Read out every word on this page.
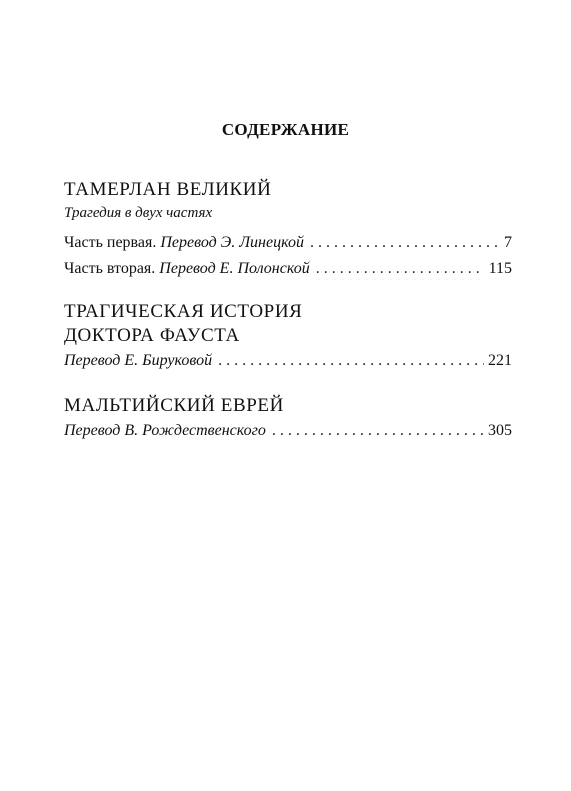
СОДЕРЖАНИЕ
ТАМЕРЛАН ВЕЛИКИЙ
Трагедия в двух частях
Часть первая. Перевод Э. Линецкой . . .	7
Часть вторая. Перевод Е. Полонской . . .	115
ТРАГИЧЕСКАЯ ИСТОРИЯ
ДОКТОРА ФАУСТА
Перевод Е. Бируковой . . .	221
МАЛЬТИЙСКИЙ ЕВРЕЙ
Перевод В. Рождественского . . .	305
